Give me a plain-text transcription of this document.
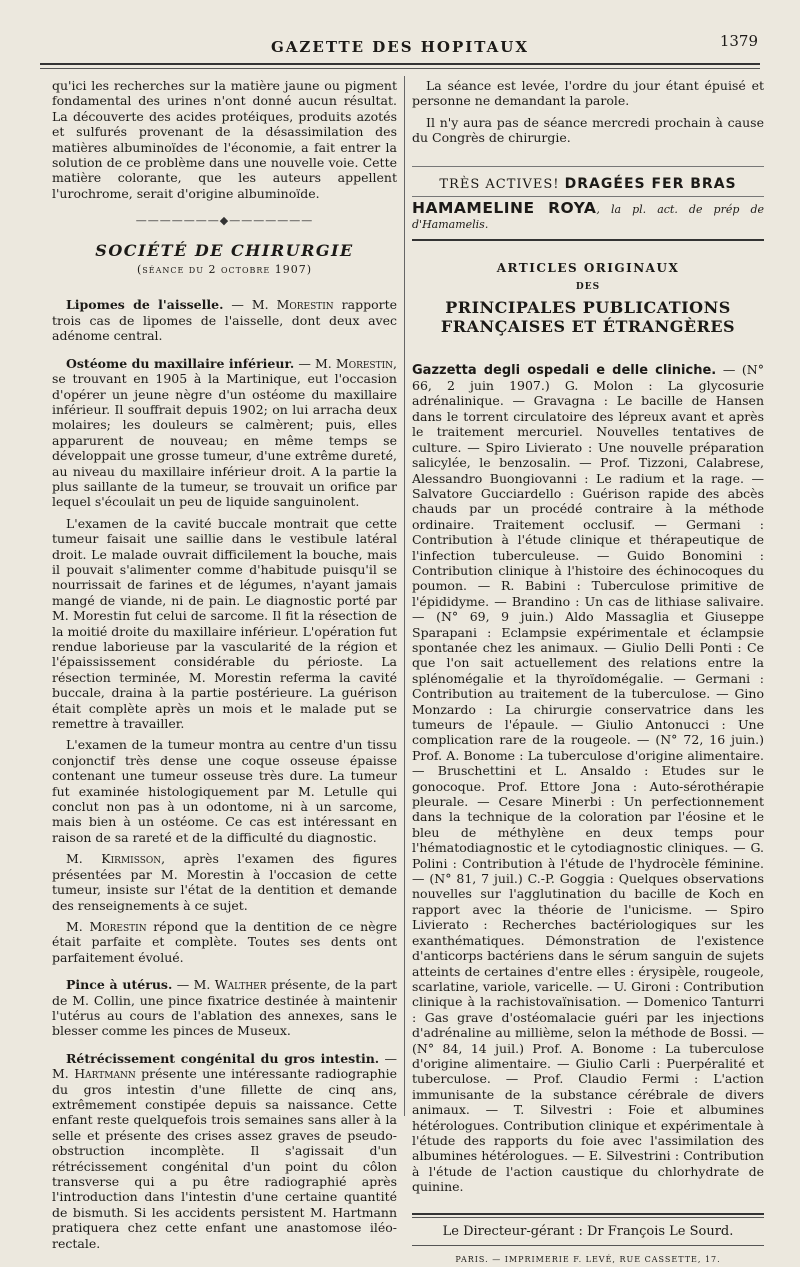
GAZETTE DES HOPITAUX	1379

qu'ici les recherches sur la matière jaune ou pigment fondamental des urines n'ont donné aucun résultat. La découverte des acides protéiques, produits azotés et sulfurés provenant de la désassimilation des matières albuminoïdes de l'économie, a fait entrer la solution de ce problème dans une nouvelle voie. Cette matière colorante, que les auteurs appellent l'urochrome, serait d'origine albuminoïde.

———————◆———————
SOCIÉTÉ DE CHIRURGIE
(séance du 2 octobre 1907)

Lipomes de l'aisselle. — M. Morestin rapporte trois cas de lipomes de l'aisselle, dont deux avec adénome central.

Ostéome du maxillaire inférieur. — M. Morestin, se trouvant en 1905 à la Martinique, eut l'occasion d'opérer un jeune nègre d'un ostéome du maxillaire inférieur. Il souffrait depuis 1902; on lui arracha deux molaires; les douleurs se calmèrent; puis, elles apparurent de nouveau; en même temps se développait une grosse tumeur, d'une extrême dureté, au niveau du maxillaire inférieur droit. A la partie la plus saillante de la tumeur, se trouvait un orifice par lequel s'écoulait un peu de liquide sanguinolent.

L'examen de la cavité buccale montrait que cette tumeur faisait une saillie dans le vestibule latéral droit. Le malade ouvrait difficilement la bouche, mais il pouvait s'alimenter comme d'habitude puisqu'il se nourrissait de farines et de légumes, n'ayant jamais mangé de viande, ni de pain. Le diagnostic porté par M. Morestin fut celui de sarcome. Il fit la résection de la moitié droite du maxillaire inférieur. L'opération fut rendue laborieuse par la vascularité de la région et l'épaississement considérable du périoste. La résection terminée, M. Morestin referma la cavité buccale, draina à la partie postérieure. La guérison était complète après un mois et le malade put se remettre à travailler.

L'examen de la tumeur montra au centre d'un tissu conjonctif très dense une coque osseuse épaisse contenant une tumeur osseuse très dure. La tumeur fut examinée histologiquement par M. Letulle qui conclut non pas à un odontome, ni à un sarcome, mais bien à un ostéome. Ce cas est intéressant en raison de sa rareté et de la difficulté du diagnostic.

M. Kirmisson, après l'examen des figures présentées par M. Morestin à l'occasion de cette tumeur, insiste sur l'état de la dentition et demande des renseignements à ce sujet.

M. Morestin répond que la dentition de ce nègre était parfaite et complète. Toutes ses dents ont parfaitement évolué.

Pince à utérus. — M. Walther présente, de la part de M. Collin, une pince fixatrice destinée à maintenir l'utérus au cours de l'ablation des annexes, sans le blesser comme les pinces de Museux.

Rétrécissement congénital du gros intestin. — M. Hartmann présente une intéressante radiographie du gros intestin d'une fillette de cinq ans, extrêmement constipée depuis sa naissance. Cette enfant reste quelquefois trois semaines sans aller à la selle et présente des crises assez graves de pseudo-obstruction incomplète. Il s'agissait d'un rétrécissement congénital d'un point du côlon transverse qui a pu être radiographié après l'introduction dans l'intestin d'une certaine quantité de bismuth. Si les accidents persistent M. Hartmann pratiquera chez cette enfant une anastomose iléo-rectale.

La séance est levée, l'ordre du jour étant épuisé et personne ne demandant la parole.

Il n'y aura pas de séance mercredi prochain à cause du Congrès de chirurgie.

TRÈS ACTIVES! DRAGÉES FER BRAS
HAMAMELINE ROYA, la pl. act. de prép de d'Hamamelis.
ARTICLES ORIGINAUX
DES
PRINCIPALES PUBLICATIONS FRANÇAISES ET ÉTRANGÈRES

Gazzetta degli ospedali e delle cliniche. — (N° 66, 2 juin 1907.) G. Molon : La glycosurie adrénalinique. — Gravagna : Le bacille de Hansen dans le torrent circulatoire des lépreux avant et après le traitement mercuriel. Nouvelles tentatives de culture. — Spiro Livierato : Une nouvelle préparation salicylée, le benzosalin. — Prof. Tizzoni, Calabrese, Alessandro Buongiovanni : Le radium et la rage. — Salvatore Gucciardello : Guérison rapide des abcès chauds par un procédé contraire à la méthode ordinaire. Traitement occlusif. — Germani : Contribution à l'étude clinique et thérapeutique de l'infection tuberculeuse. — Guido Bonomini : Contribution clinique à l'histoire des échinocoques du poumon. — R. Babini : Tuberculose primitive de l'épididyme. — Brandino : Un cas de lithiase salivaire. — (N° 69, 9 juin.) Aldo Massaglia et Giuseppe Sparapani : Eclampsie expérimentale et éclampsie spontanée chez les animaux. — Giulio Delli Ponti : Ce que l'on sait actuellement des relations entre la splénomégalie et la thyroïdomégalie. — Germani : Contribution au traitement de la tuberculose. — Gino Monzardo : La chirurgie conservatrice dans les tumeurs de l'épaule. — Giulio Antonucci : Une complication rare de la rougeole. — (N° 72, 16 juin.) Prof. A. Bonome : La tuberculose d'origine alimentaire. — Bruschettini et L. Ansaldo : Etudes sur le gonocoque. Prof. Ettore Jona : Auto-sérothérapie pleurale. — Cesare Minerbi : Un perfectionnement dans la technique de la coloration par l'éosine et le bleu de méthylène en deux temps pour l'hématodiagnostic et le cytodiagnostic cliniques. — G. Polini : Contribution à l'étude de l'hydrocèle féminine. — (N° 81, 7 juil.) C.-P. Goggia : Quelques observations nouvelles sur l'agglutination du bacille de Koch en rapport avec la théorie de l'unicisme. — Spiro Livierato : Recherches bactériologiques sur les exanthématiques. Démonstration de l'existence d'anticorps bactériens dans le sérum sanguin de sujets atteints de certaines d'entre elles : érysipèle, rougeole, scarlatine, variole, varicelle. — U. Gironi : Contribution clinique à la rachistovaïnisation. — Domenico Tanturri : Gas grave d'ostéomalacie guéri par les injections d'adrénaline au millième, selon la méthode de Bossi. — (N° 84, 14 juil.) Prof. A. Bonome : La tuberculose d'origine alimentaire. — Giulio Carli : Puerpéralité et tuberculose. — Prof. Claudio Fermi : L'action immunisante de la substance cérébrale de divers animaux. — T. Silvestri : Foie et albumines hétérologues. Contribution clinique et expérimentale à l'étude des rapports du foie avec l'assimilation des albumines hétérologues. — E. Silvestrini : Contribution à l'étude de l'action caustique du chlorhydrate de quinine.

Le Directeur-gérant : Dr François Le Sourd.
PARIS. — IMPRIMERIE F. LEVÉ, RUE CASSETTE, 17.
